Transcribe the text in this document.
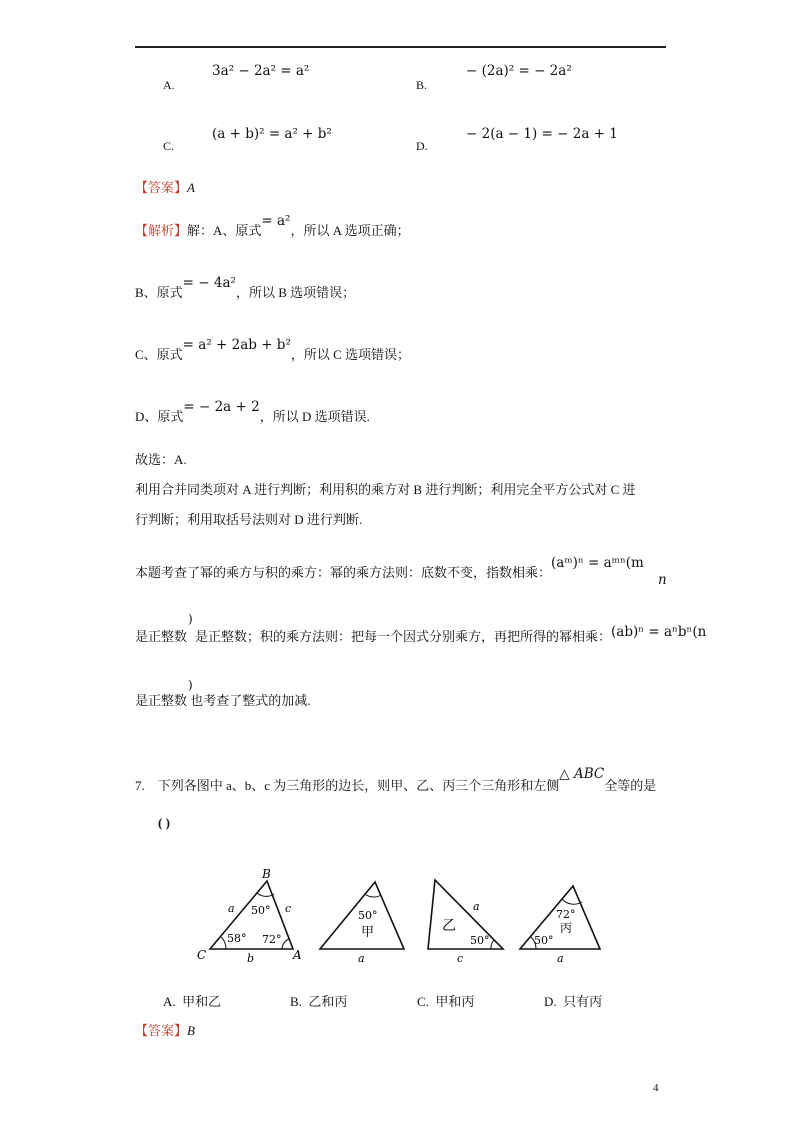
3a² − 2a² = a²
A.
− (2a)² = − 2a²
B.
(a + b)² = a² + b²
C.
− 2(a − 1) = − 2a + 1
D.
【答案】A
【解析】解：A、原式= a²，所以 A 选项正确；
B、原式= − 4a²，所以 B 选项错误；
C、原式= a² + 2ab + b²，所以 C 选项错误；
D、原式= − 2a + 2，所以 D 选项错误.
故选：A.
利用合并同类项对 A 进行判断；利用积的乘方对 B 进行判断；利用完全平方公式对 C 进
行判断；利用取括号法则对 D 进行判断.
本题考查了幂的乘方与积的乘方：幂的乘方法则：底数不变，指数相乘：(aᵐ)ⁿ = aᵐⁿ(m
n
)
是正整数；积的乘方法则：把每一个因式分别乘方，再把所得的幂相乘：(ab)ⁿ = aⁿbⁿ(n
是正整数
)
是正整数 也考查了整式的加减.
7. 下列各图中 a、b、c 为三角形的边长，则甲、乙、丙三个三角形和左侧△ ABC全等的是
( )
B
C	A
a	c
b
50°
58° 72°
50°
甲
a
乙
50°
a
c
72°
丙
50°
a
A. 甲和乙	B. 乙和丙	C. 甲和丙	D. 只有丙
【答案】B
4
